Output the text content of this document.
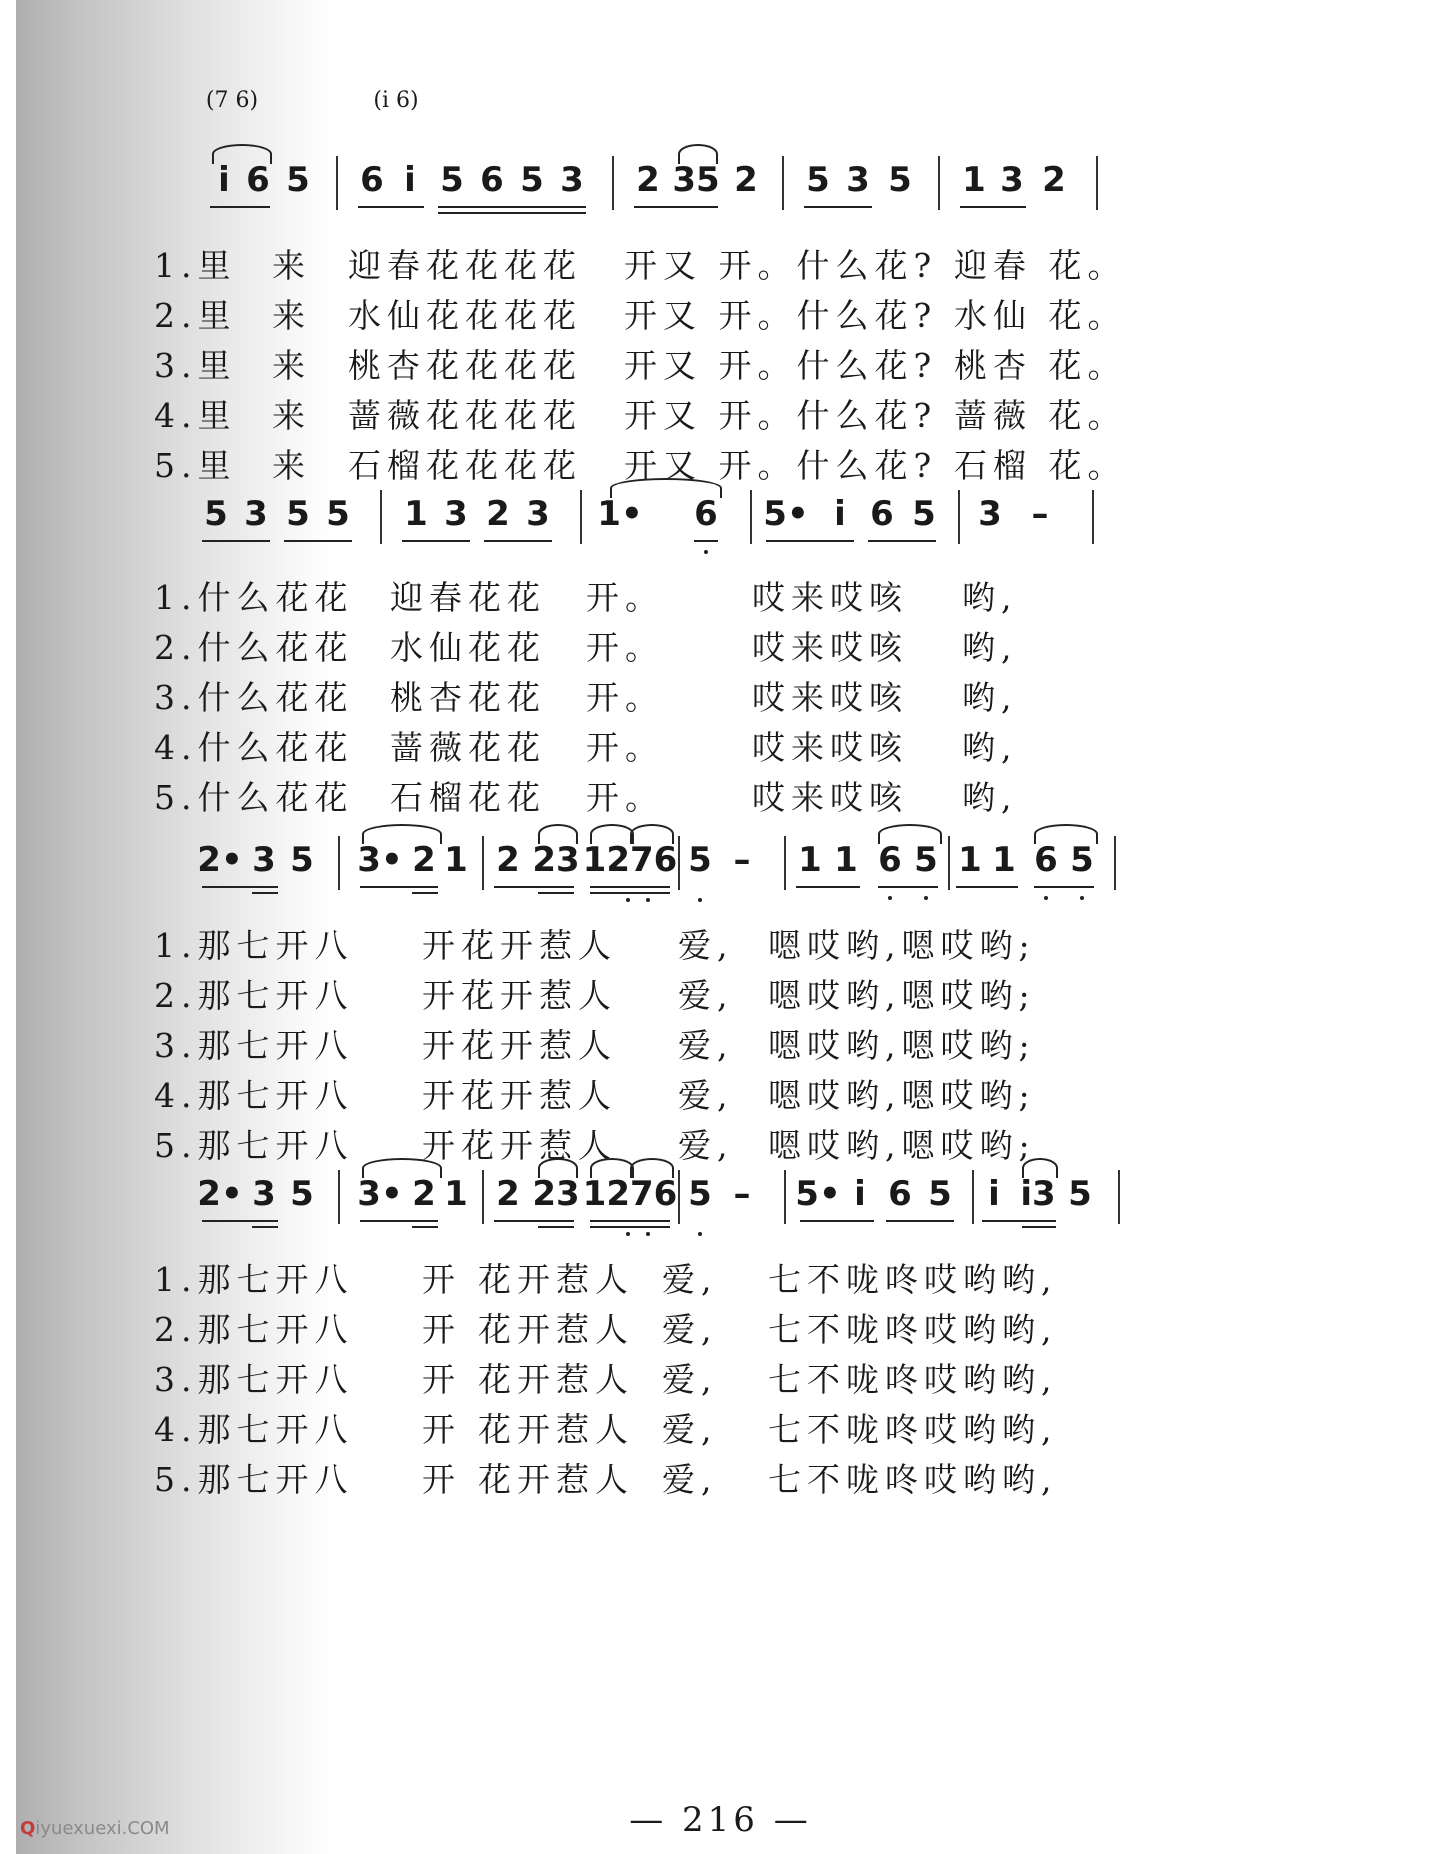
(7 6)	(i 6)
i 6 5 6 i 5 6 5 3 2 35 2 5 3 5 1 3 2
1.里 来 迎春花花花花 开又 开。什么花? 迎春 花。
2.里 来 水仙花花花花 开又 开。什么花? 水仙 花。
3.里 来 桃杏花花花花 开又 开。什么花? 桃杏 花。
4.里 来 蔷薇花花花花 开又 开。什么花? 蔷薇 花。
5.里 来 石榴花花花花 开又 开。什么花? 石榴 花。
5 3 5 5 1 3 2 3 1• 6 5• i 6 5 3 –
1.什么花花 迎春花花 开。	哎来哎咳 哟,
2.什么花花 水仙花花 开。	哎来哎咳 哟,
3.什么花花 桃杏花花 开。	哎来哎咳 哟,
4.什么花花 蔷薇花花 开。	哎来哎咳 哟,
5.什么花花 石榴花花 开。	哎来哎咳 哟,
2• 3 5 3• 2 1 2 23 1276 5 – 1 1 6 5 1 1 6 5
1.那七开八 开花开惹人 爱, 嗯哎哟,嗯哎哟;
2.那七开八 开花开惹人 爱, 嗯哎哟,嗯哎哟;
3.那七开八 开花开惹人 爱, 嗯哎哟,嗯哎哟;
4.那七开八 开花开惹人 爱, 嗯哎哟,嗯哎哟;
5.那七开八 开花开惹人 爱, 嗯哎哟,嗯哎哟;
2• 3 5 3• 2 1 2 23 1276 5 – 5• i 6 5 i i3 5
1.那七开八 开 花开惹人 爱, 七不咙咚哎哟哟,
2.那七开八 开 花开惹人 爱, 七不咙咚哎哟哟,
3.那七开八 开 花开惹人 爱, 七不咙咚哎哟哟,
4.那七开八 开 花开惹人 爱, 七不咙咚哎哟哟,
5.那七开八 开 花开惹人 爱, 七不咙咚哎哟哟,
— 216 —
Qiyuexuexi.COM
